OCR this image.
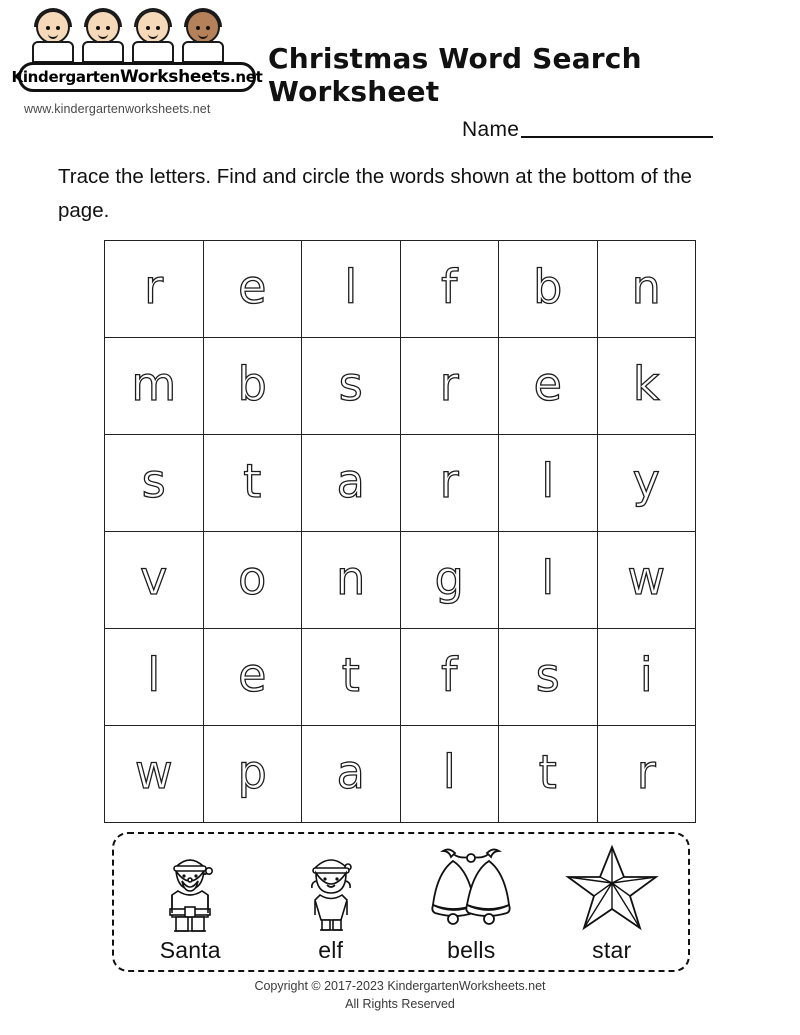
KindergartenWorksheets.net
www.kindergartenworksheets.net
Christmas Word Search Worksheet
Name
Trace the letters. Find and circle the words shown at the bottom of the page.
r e l f b n
m b s r e k
s t a r l y
v o n g l w
l e t f s i
w p a l t r
Santa	elf	bells	star
Copyright © 2017-2023 KindergartenWorksheets.net
All Rights Reserved
